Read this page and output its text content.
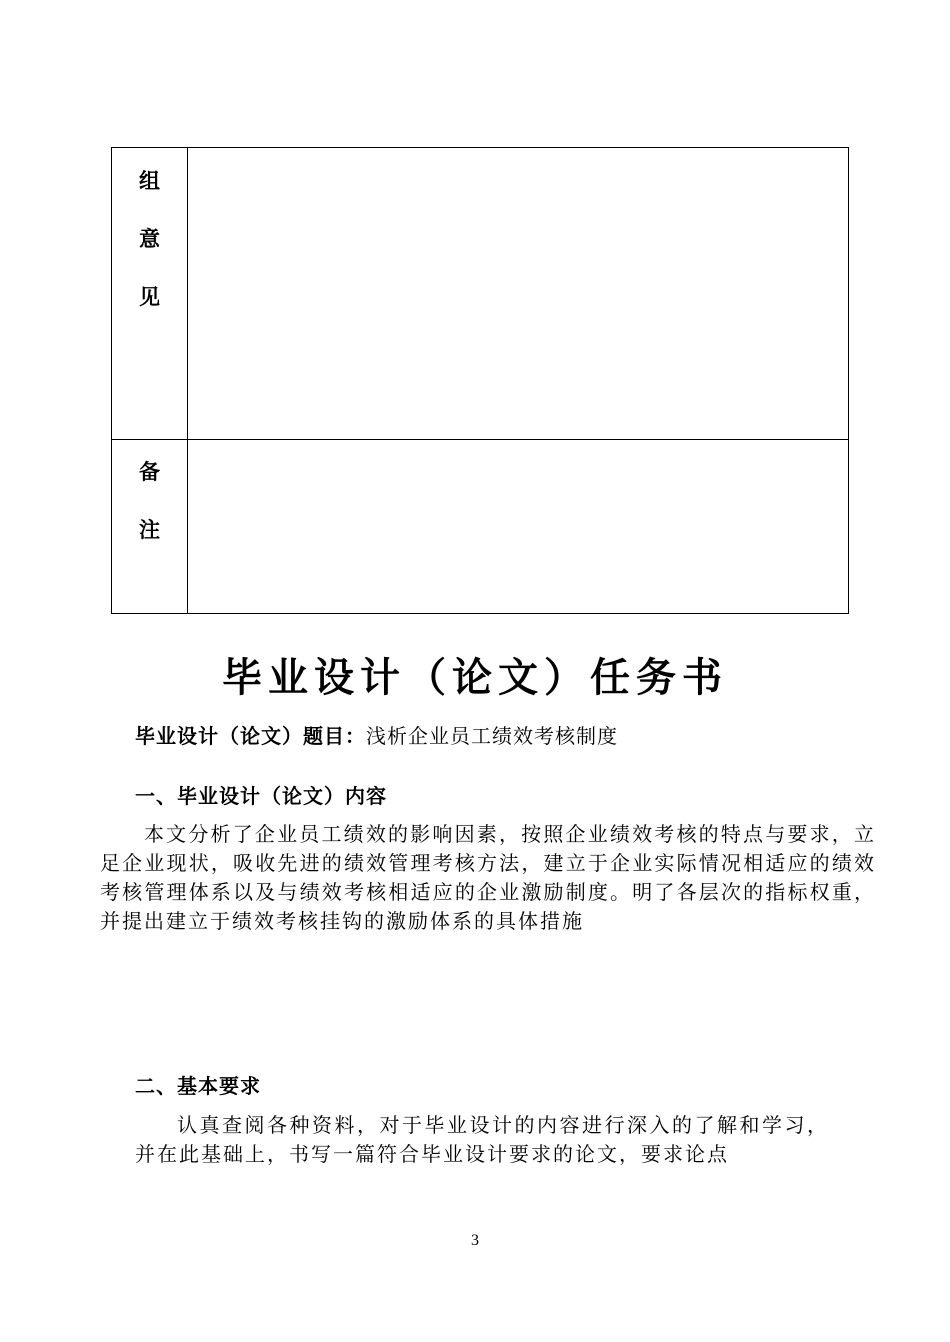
组
意
见
备
注
毕业设计（论文）任务书
毕业设计（论文）题目：浅析企业员工绩效考核制度
一、毕业设计（论文）内容
本文分析了企业员工绩效的影响因素，按照企业绩效考核的特点与要求，立足企业现状，吸收先进的绩效管理考核方法，建立于企业实际情况相适应的绩效考核管理体系以及与绩效考核相适应的企业激励制度。明了各层次的指标权重，并提出建立于绩效考核挂钩的激励体系的具体措施
二、基本要求
认真查阅各种资料，对于毕业设计的内容进行深入的了解和学习，并在此基础上，书写一篇符合毕业设计要求的论文，要求论点
3
